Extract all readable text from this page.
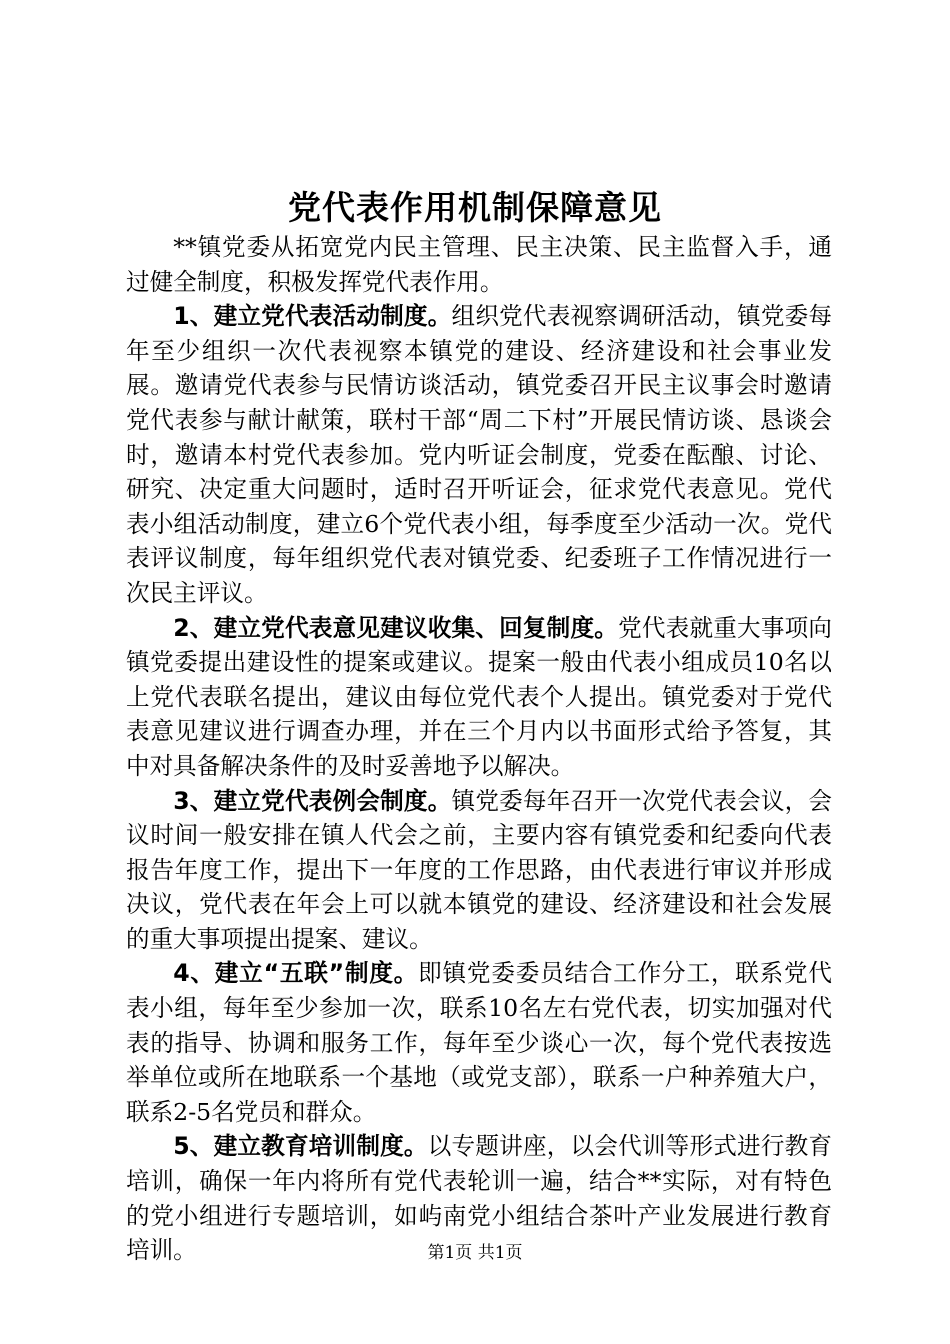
党代表作用机制保障意见

**镇党委从拓宽党内民主管理、民主决策、民主监督入手，通过健全制度，积极发挥党代表作用。

1、建立党代表活动制度。组织党代表视察调研活动，镇党委每年至少组织一次代表视察本镇党的建设、经济建设和社会事业发展。邀请党代表参与民情访谈活动，镇党委召开民主议事会时邀请党代表参与献计献策，联村干部“周二下村”开展民情访谈、恳谈会时，邀请本村党代表参加。党内听证会制度，党委在酝酿、讨论、研究、决定重大问题时，适时召开听证会，征求党代表意见。党代表小组活动制度，建立6个党代表小组，每季度至少活动一次。党代表评议制度，每年组织党代表对镇党委、纪委班子工作情况进行一次民主评议。

2、建立党代表意见建议收集、回复制度。党代表就重大事项向镇党委提出建设性的提案或建议。提案一般由代表小组成员10名以上党代表联名提出，建议由每位党代表个人提出。镇党委对于党代表意见建议进行调查办理，并在三个月内以书面形式给予答复，其中对具备解决条件的及时妥善地予以解决。

3、建立党代表例会制度。镇党委每年召开一次党代表会议，会议时间一般安排在镇人代会之前，主要内容有镇党委和纪委向代表报告年度工作，提出下一年度的工作思路，由代表进行审议并形成决议，党代表在年会上可以就本镇党的建设、经济建设和社会发展的重大事项提出提案、建议。

4、建立“五联”制度。即镇党委委员结合工作分工，联系党代表小组，每年至少参加一次，联系10名左右党代表，切实加强对代表的指导、协调和服务工作，每年至少谈心一次，每个党代表按选举单位或所在地联系一个基地（或党支部），联系一户种养殖大户，联系2-5名党员和群众。

5、建立教育培训制度。以专题讲座，以会代训等形式进行教育培训，确保一年内将所有党代表轮训一遍，结合**实际，对有特色的党小组进行专题培训，如屿南党小组结合茶叶产业发展进行教育培训。	第1页 共1页
